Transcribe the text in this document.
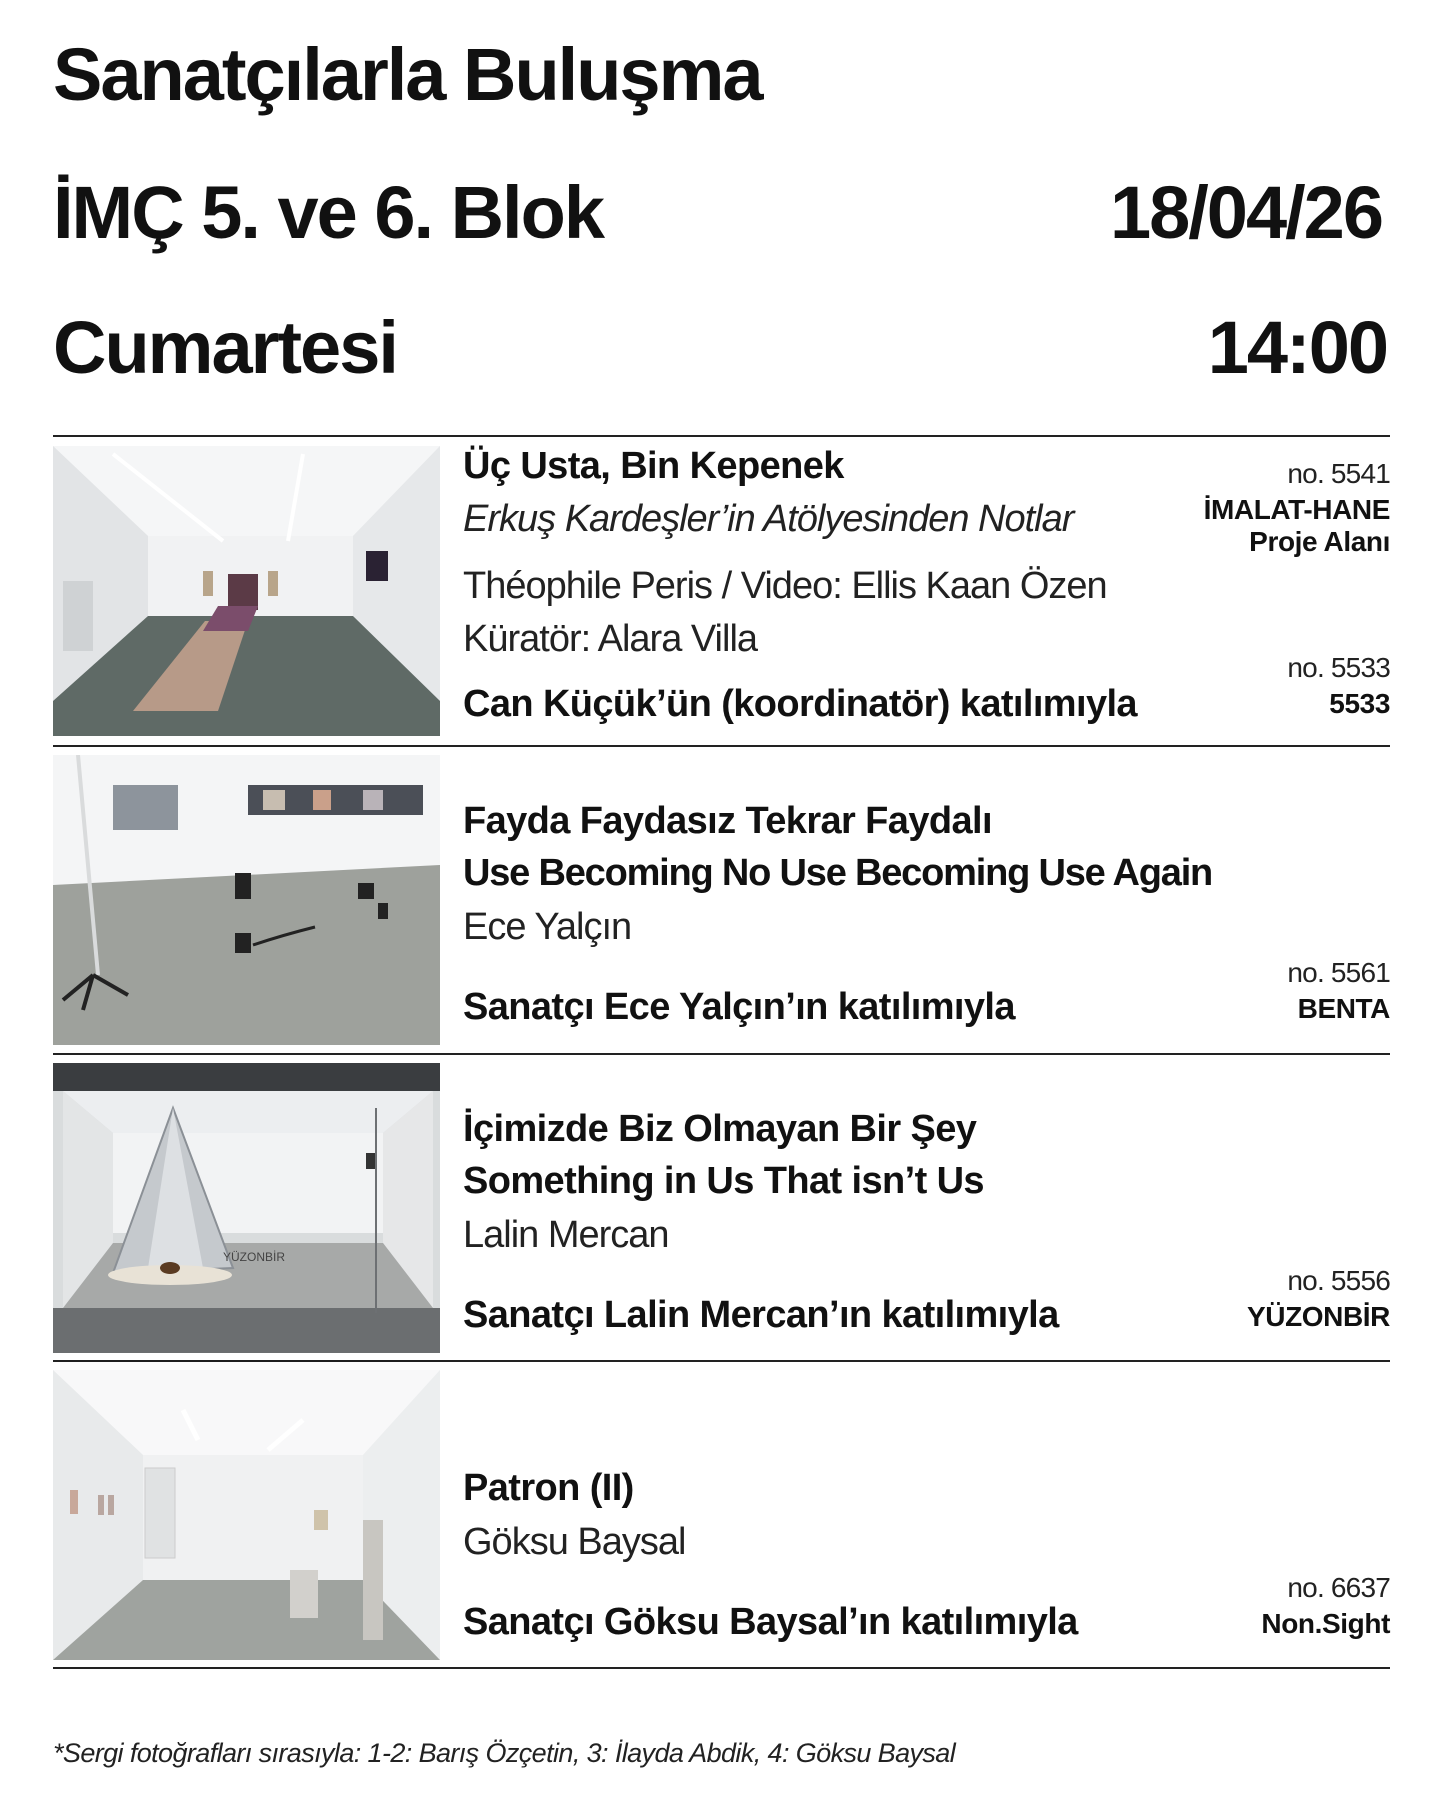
Sanatçılarla Buluşma
İMÇ 5. ve 6. Blok	18/04/26
Cumartesi	14:00
Üç Usta, Bin Kepenek
Erkuş Kardeşler’in Atölyesinden Notlar
Théophile Peris / Video: Ellis Kaan Özen
Küratör: Alara Villa
Can Küçük’ün (koordinatör) katılımıyla
no. 5541
İMALAT-HANE
Proje Alanı
no. 5533
5533
Fayda Faydasız Tekrar Faydalı
Use Becoming No Use Becoming Use Again
Ece Yalçın
Sanatçı Ece Yalçın’ın katılımıyla
no. 5561
BENTA
YÜZONBİR
İçimizde Biz Olmayan Bir Şey
Something in Us That isn’t Us
Lalin Mercan
Sanatçı Lalin Mercan’ın katılımıyla
no. 5556
YÜZONBİR
Patron (II)
Göksu Baysal
Sanatçı Göksu Baysal’ın katılımıyla
no. 6637
Non.Sight
*Sergi fotoğrafları sırasıyla: 1-2: Barış Özçetin, 3: İlayda Abdik, 4: Göksu Baysal
